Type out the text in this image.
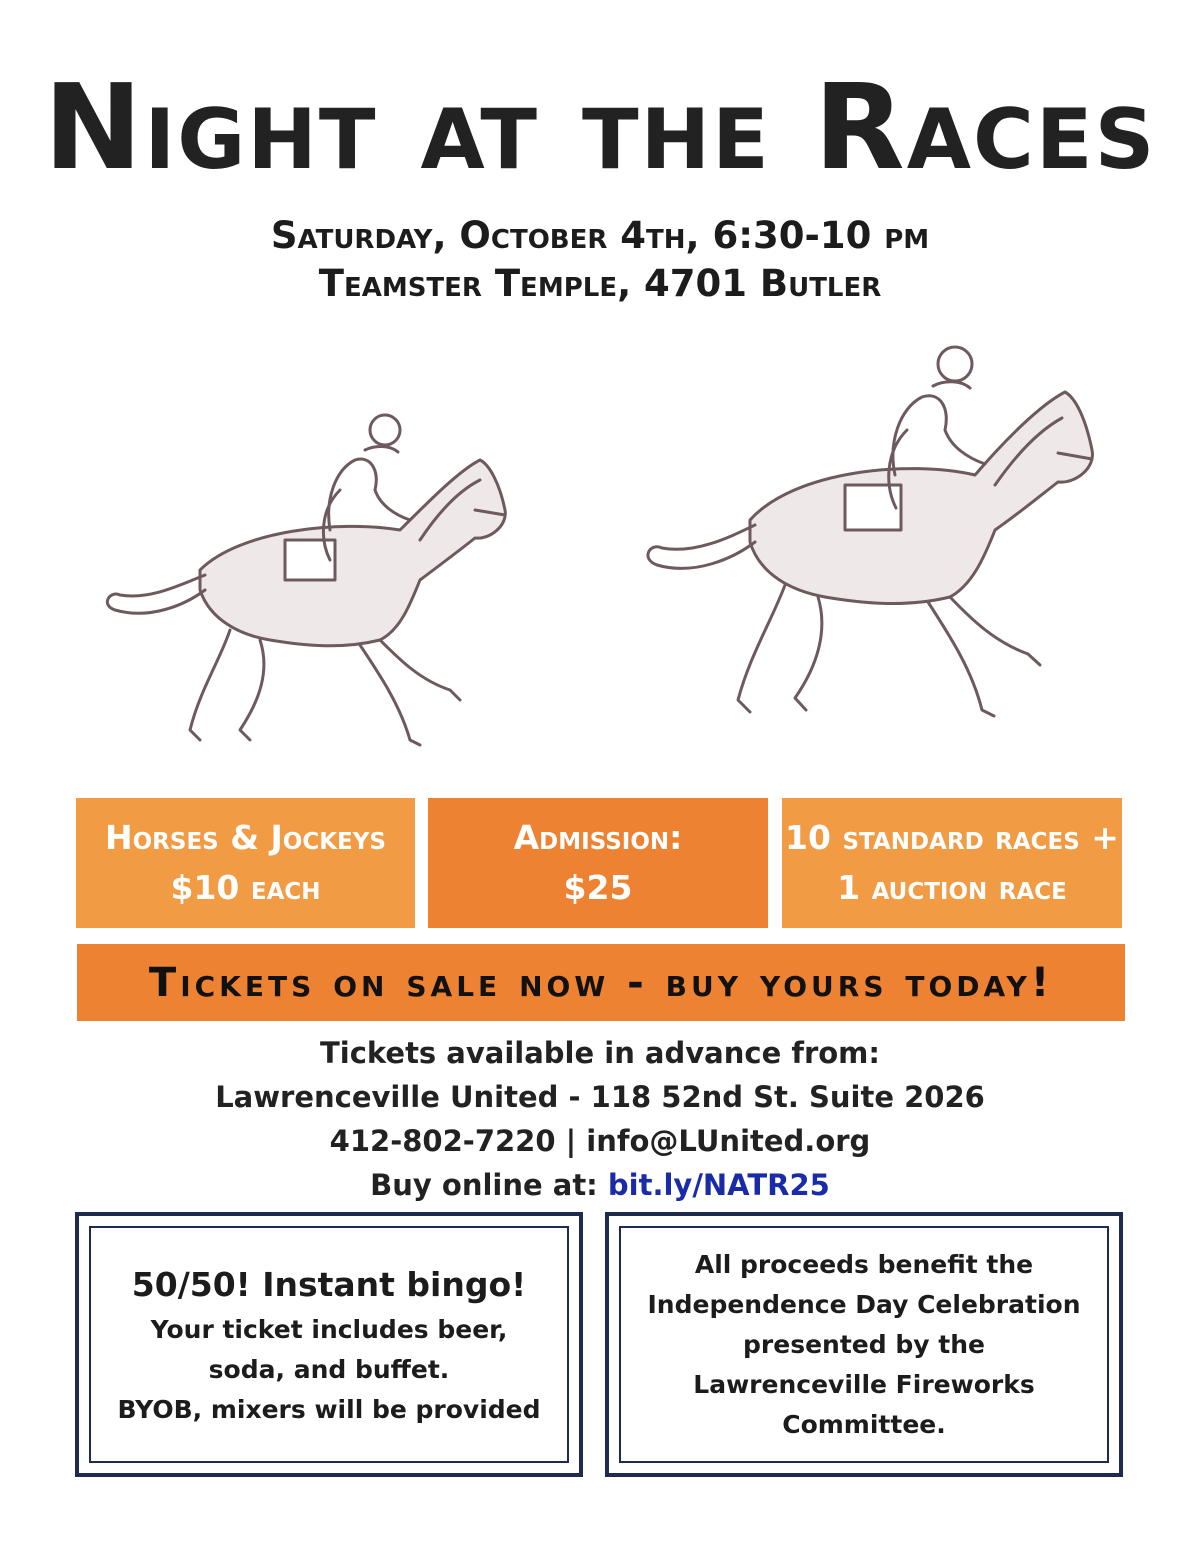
Night at the Races
Saturday, October 4th, 6:30-10 pm
Teamster Temple, 4701 Butler
Horses & Jockeys
$10 each
Admission:
$25
10 standard races +
1 auction race
Tickets on sale now - buy yours today!
Tickets available in advance from:
Lawrenceville United - 118 52nd St. Suite 2026
412-802-7220 | info@LUnited.org
Buy online at: bit.ly/NATR25
50/50! Instant bingo!
Your ticket includes beer,
soda, and buffet.
BYOB, mixers will be provided
All proceeds benefit the
Independence Day Celebration
presented by the
Lawrenceville Fireworks Committee.
